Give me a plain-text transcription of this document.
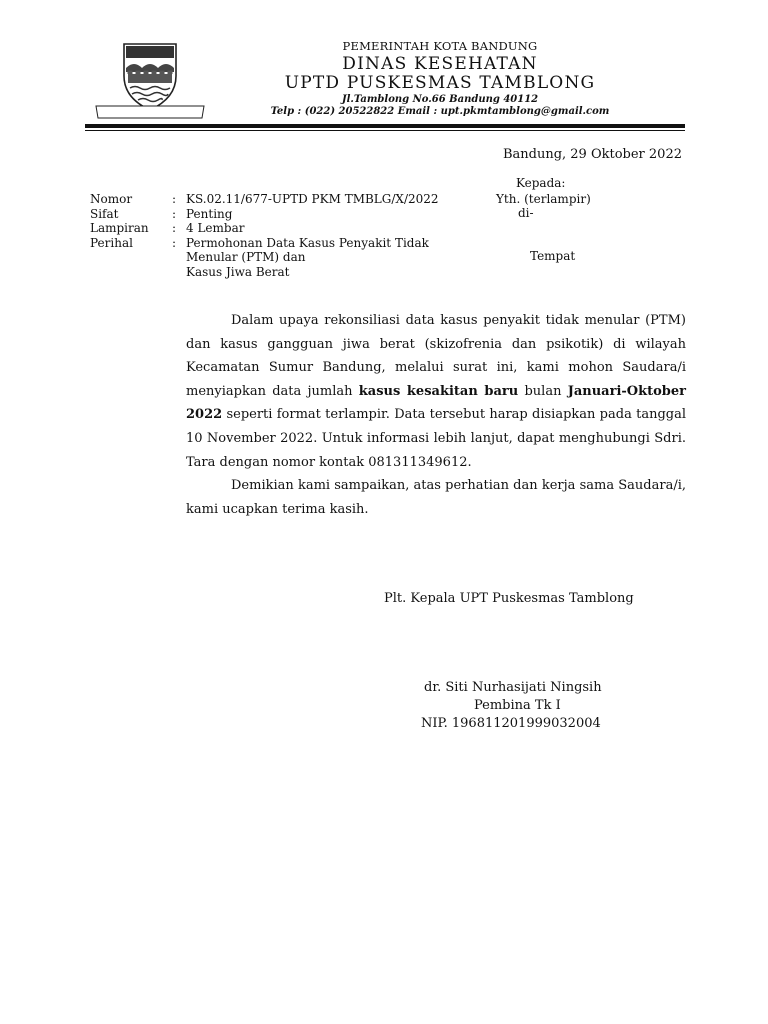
PEMERINTAH KOTA BANDUNG
DINAS KESEHATAN
UPTD PUSKESMAS TAMBLONG
Jl.Tamblong No.66 Bandung 40112
Telp : (022) 20522822 Email : upt.pkmtamblong@gmail.com
Bandung, 29 Oktober 2022
Nomor	: KS.02.11/677-UPTD PKM TMBLG/X/2022
Sifat	: Penting
Lampiran	: 4 Lembar
Perihal	: Permohonan Data Kasus Penyakit Tidak
Menular (PTM) dan
Kasus Jiwa Berat
Kepada:
Yth. (terlampir)
di-
Tempat

Dalam upaya rekonsiliasi data kasus penyakit tidak menular (PTM) dan kasus gangguan jiwa berat (skizofrenia dan psikotik) di wilayah Kecamatan Sumur Bandung, melalui surat ini, kami mohon Saudara/i menyiapkan data jumlah kasus kesakitan baru bulan Januari-Oktober 2022 seperti format terlampir. Data tersebut harap disiapkan pada tanggal 10 November 2022. Untuk informasi lebih lanjut, dapat menghubungi Sdri. Tara dengan nomor kontak 081311349612.

Demikian kami sampaikan, atas perhatian dan kerja sama Saudara/i, kami ucapkan terima kasih.

Plt. Kepala UPT Puskesmas Tamblong
dr. Siti Nurhasijati Ningsih
Pembina Tk I
NIP. 196811201999032004
